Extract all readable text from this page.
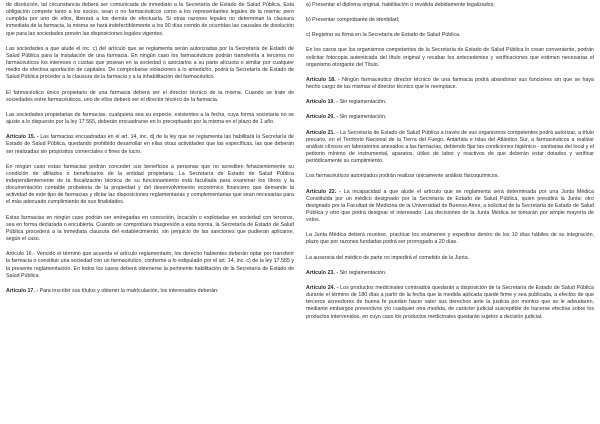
de disolución, tal circunstancia deberá ser comunicada de inmediato a la Secretaría de Estado de Salud Pública. Esta obligación compete tanto a los socios, sean o no farmacéuticos como a los representantes legales de la misma: pero cumplida por uno de ellos, liberará a los demás de efectuarla. Si otras razones legales no determinan la clausura inmediata de la farmacia, la misma se hará indefectiblemente a los 90 días corrido de ocurridas las causales de disolución que para las sociedades prevén las disposiciones legales vigentes.

Las sociedades a que alude el inc. c) del artículo que se reglamenta serán autorizadas por la Secretaría de Estado de Salud Pública para la instalación de una farmacia. En ningún caso los farmacéuticos podrán transferirla a terceros no farmacéuticos los intereses o cuotas que posean en la sociedad o asociarlos a su parte alícuota o similar por cualquier medio de efectiva aportación de capitales. De comprobarse violaciones a lo antedicho, podrá la Secretaría de Estado de Salud Pública proceder a la clausura de la farmacia y a la inhabilitación del farmacéutico.

El farmacéutico único propietario de una farmacia deberá ser el director técnico de la misma. Cuando se trate de sociedades entre farmacéuticos, uno de ellos deberá ser el director técnico de la farmacia.

Las sociedades propietarias de farmacias, cualquiera sea su especie, existentes a la fecha, cuya forma societaria no se ajuste a lo dispuesto por la ley 17.565, deberán encuadrarse en lo preceptuado por la misma en el plazo de 1 año.

Artículo 15. - Las farmacias encuadradas en el art. 14, inc. d) de la ley que se reglamenta las habilitará la Secretaría de Estado de Salud Pública, quedando prohibido desarrollar en ellas otras actividades que las específicas, las que deberán ser realizadas sin propósitos comerciales o fines de lucro.

En ningún caso estas farmacias podrán conceder sus beneficios a personas que no acrediten fehacientemente su condición de afiliados o beneficiarios de la entidad propietaria. La Secretaría de Estado de Salud Pública independientemente de la fiscalización técnica de su funcionamiento está facultada para examinar los libros y la documentación contable probatoria de la propiedad y del desenvolvimiento económico financiero que demande la actividad de este tipo de farmacias y dictar las disposiciones reglamentarias y complementarias que sean necesarias para el más adecuado cumplimiento de sus finalidades.

Estas farmacias en ningún caso podrán ser entregadas en concesión, locación o explotadas en sociedad con terceros, sea en forma declarada o encubierta. Cuando se comprobara trasgresión a esta norma, la Secretaría de Estado de Salud Pública procederá a la inmediata clausura del establecimiento, sin perjuicio de las sanciones que pudieran aplicarse, según el caso.

Artículo 16.- Vencido el término que acuerda el artículo reglamentario, los derecho habientes deberán optar por transferir la farmacia o constituir una sociedad con un farmacéutico, conforme a lo estipulado por el art. 14, inc. c) de la ley 17.565 y la presente reglamentación. En todos los casos deberá obtenerse la pertinente habilitación de la Secretaría de Estado de Salud Pública.

Artículo 17. - Para inscribir sus títulos y obtener la matriculación, los interesados deberán:

a) Presentar el diploma original, habilitación o reválida debidamente legalizados;

b) Presentar comprobante de identidad;

c) Registrar su firma en la Secretaría de Estado de Salud Pública.

En los casos que los organismos competentes de la Secretaría de Estado de Salud Pública lo crean conveniente, podrán solicitar fotocopia autenticada del título original y recabar los antecedentes y verificaciones que estimen necesarias el organismo otorgante del Título.

Artículo 18. - Ningún farmacéutico director técnico de una farmacia podrá abandonar sus funciones sin que se haya hecho cargo de las mismas el director técnico que le reemplace.

Artículo 19. - Sin reglamentación.

Artículo 20. - Sin reglamentación.

Artículo 21. - La Secretaría de Estado de Salud Pública a través de sus organismos competentes podrá autorizar, a título precario, en el Territorio Nacional de la Tierra del Fuego, Antártida e Islas del Atlántico Sur, a farmacéuticos a realizar análisis clínicos en laboratorios anexados a las farmacias, debiendo fijar las condiciones higiénico - sanitarias del local y el petitorio mínimo de instrumental, aparatos, útiles de labor y reactivos de que deberán estar dotados y verificar periódicamente su cumplimiento.

Los farmacéuticos autorizados podrán realizar únicamente análisis fisicoquímicos.

Artículo 22. - La incapacidad a que alude el artículo que se reglamenta será determinada por una Junta Médica Constituida por un médico designado por la Secretaría de Estado de Salud Pública, quien presidirá la Junta; otro designado por la Facultad de Medicina de la Universidad de Buenos Aires, a solicitud de la Secretaría de Estado de Salud Pública y otro que podrá designar el interesado. Las decisiones de la Junta Médica se tomarán por simple mayoría de votos.

La Junta Médica deberá reunirse, practicar los exámenes y expedirse dentro de los 10 días hábiles de su integración, plazo que por razones fundadas podrá ser prorrogado a 20 días.

La ausencia del médico de parte no impedirá el cometido de la Junta.

Artículo 23. - Sin reglamentación.

Artículo 24. - Los productos medicinales comisados quedarán a disposición de la Secretaría de Estado de Salud Pública durante el término de 180 días a partir de la fecha que la medida aplicada quede firme y sea publicada, a efectos de que terceros acreedores de buena fe puedan hacer valer sus derechos ante la justicia por montos que se le adeudaren, mediante embargos preventivos y/o cualquier otra medida, de carácter judicial susceptible de hacerse efectiva sobre los productos intervenidos, en cuyo caso los productos medicinales quedarán sujetos a decisión judicial.
